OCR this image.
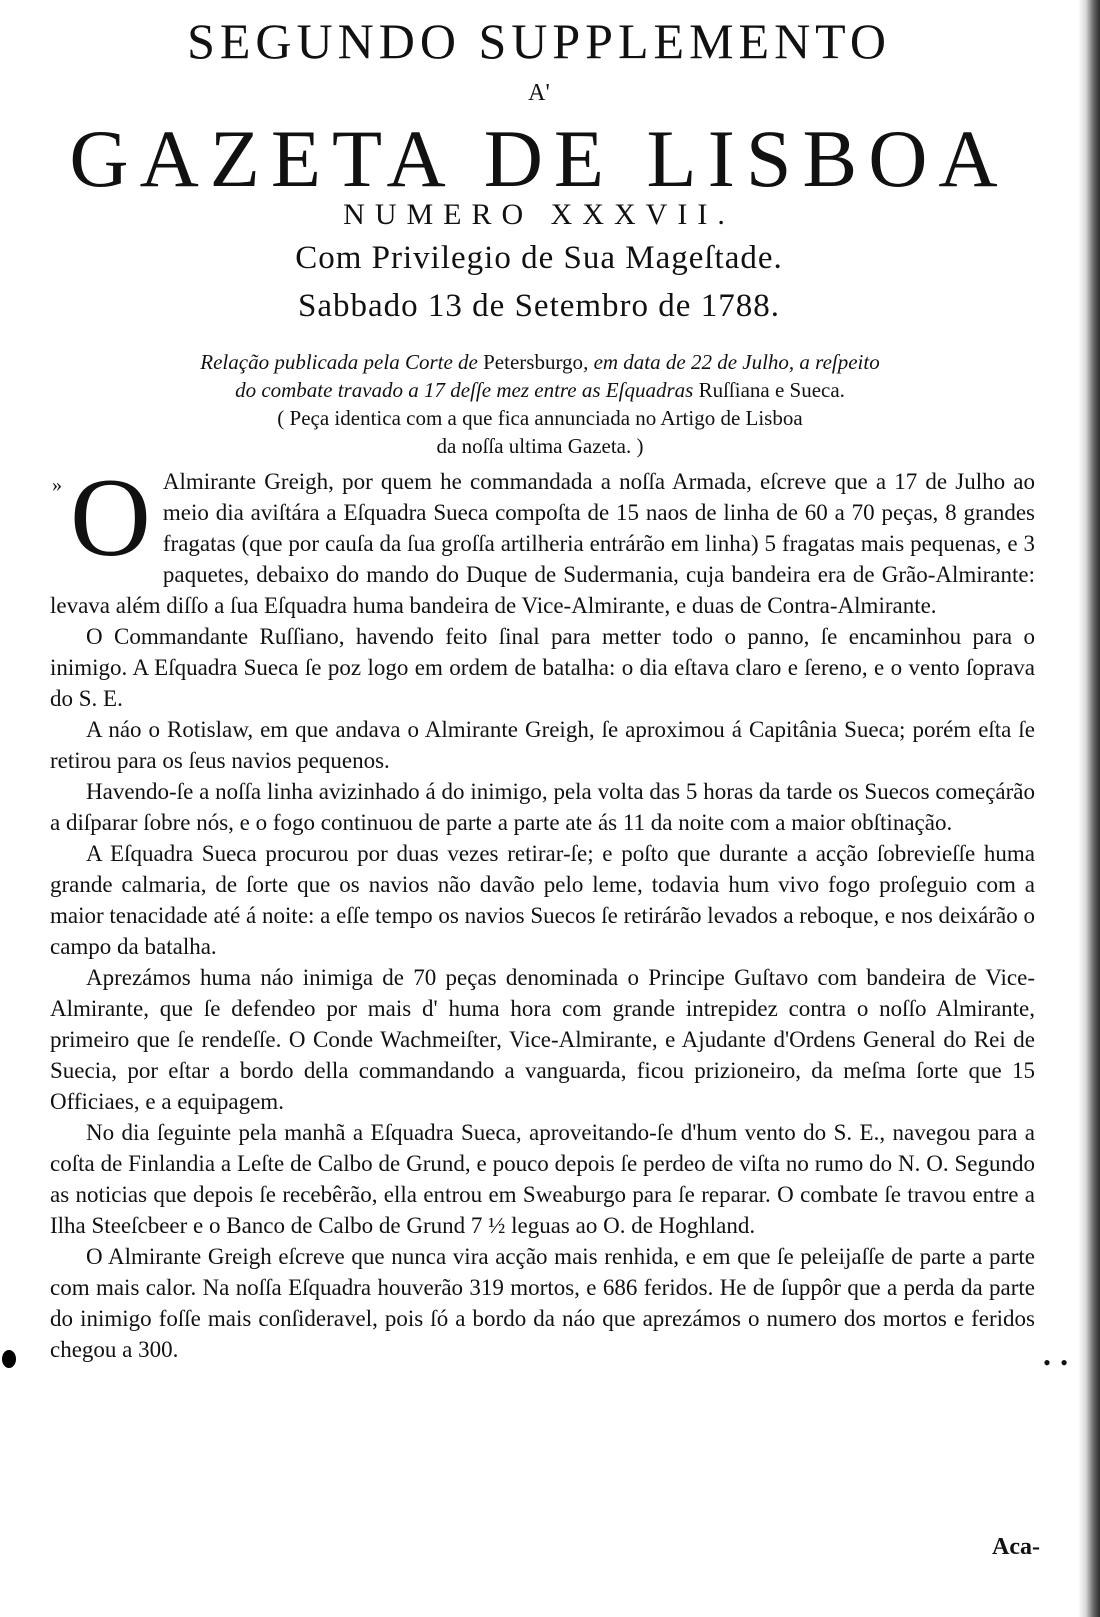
• •
SEGUNDO SUPPLEMENTO
A'
GAZETA DE LISBOA
NUMERO XXXVII.
Com Privilegio de Sua Mageſtade.
Sabbado 13 de Setembro de 1788.
Relação publicada pela Corte de Petersburgo, em data de 22 de Julho, a reſpeito
do combate travado a 17 deſſe mez entre as Eſquadras Ruſſiana e Sueca.
( Peça identica com a que fica annunciada no Artigo de Lisboa
da noſſa ultima Gazeta. )
» O Almirante Greigh, por quem he commandada a noſſa Armada, eſcreve que a 17 de Julho ao meio dia aviſtára a Eſquadra Sueca compoſta de 15 naos de linha de 60 a 70 peças, 8 grandes fragatas (que por cauſa da ſua groſſa artilheria entrárão em linha) 5 fragatas mais pequenas, e 3 paquetes, debaixo do mando do Duque de Sudermania, cuja bandeira era de Grão-Almirante: levava além diſſo a ſua Eſquadra huma bandeira de Vice-Almirante, e duas de Contra-Almirante.

O Commandante Ruſſiano, havendo feito ſinal para metter todo o panno, ſe encaminhou para o inimigo. A Eſquadra Sueca ſe poz logo em ordem de batalha: o dia eſtava claro e ſereno, e o vento ſoprava do S. E.

A náo o Rotislaw, em que andava o Almirante Greigh, ſe aproximou á Capitânia Sueca; porém eſta ſe retirou para os ſeus navios pequenos.

Havendo-ſe a noſſa linha avizinhado á do inimigo, pela volta das 5 horas da tarde os Suecos começárão a diſparar ſobre nós, e o fogo continuou de parte a parte ate ás 11 da noite com a maior obſtinação.

A Eſquadra Sueca procurou por duas vezes retirar-ſe; e poſto que durante a acção ſobrevieſſe huma grande calmaria, de ſorte que os navios não davão pelo leme, todavia hum vivo fogo proſeguio com a maior tenacidade até á noite: a eſſe tempo os navios Suecos ſe retirárão levados a reboque, e nos deixárão o campo da batalha.

Aprezámos huma náo inimiga de 70 peças denominada o Principe Guſtavo com bandeira de Vice-Almirante, que ſe defendeo por mais d' huma hora com grande intrepidez contra o noſſo Almirante, primeiro que ſe rendeſſe. O Conde Wachmeiſter, Vice-Almirante, e Ajudante d'Ordens General do Rei de Suecia, por eſtar a bordo della commandando a vanguarda, ficou prizioneiro, da meſma ſorte que 15 Officiaes, e a equipagem.

No dia ſeguinte pela manhã a Eſquadra Sueca, aproveitando-ſe d'hum vento do S. E., navegou para a coſta de Finlandia a Leſte de Calbo de Grund, e pouco depois ſe perdeo de viſta no rumo do N. O. Segundo as noticias que depois ſe recebêrão, ella entrou em Sweaburgo para ſe reparar. O combate ſe travou entre a Ilha Steeſcbeer e o Banco de Calbo de Grund 7 ½ leguas ao O. de Hoghland.

O Almirante Greigh eſcreve que nunca vira acção mais renhida, e em que ſe peleijaſſe de parte a parte com mais calor. Na noſſa Eſquadra houverão 319 mortos, e 686 feridos. He de ſuppôr que a perda da parte do inimigo foſſe mais conſideravel, pois ſó a bordo da náo que aprezámos o numero dos mortos e feridos chegou a 300.

Aca-
